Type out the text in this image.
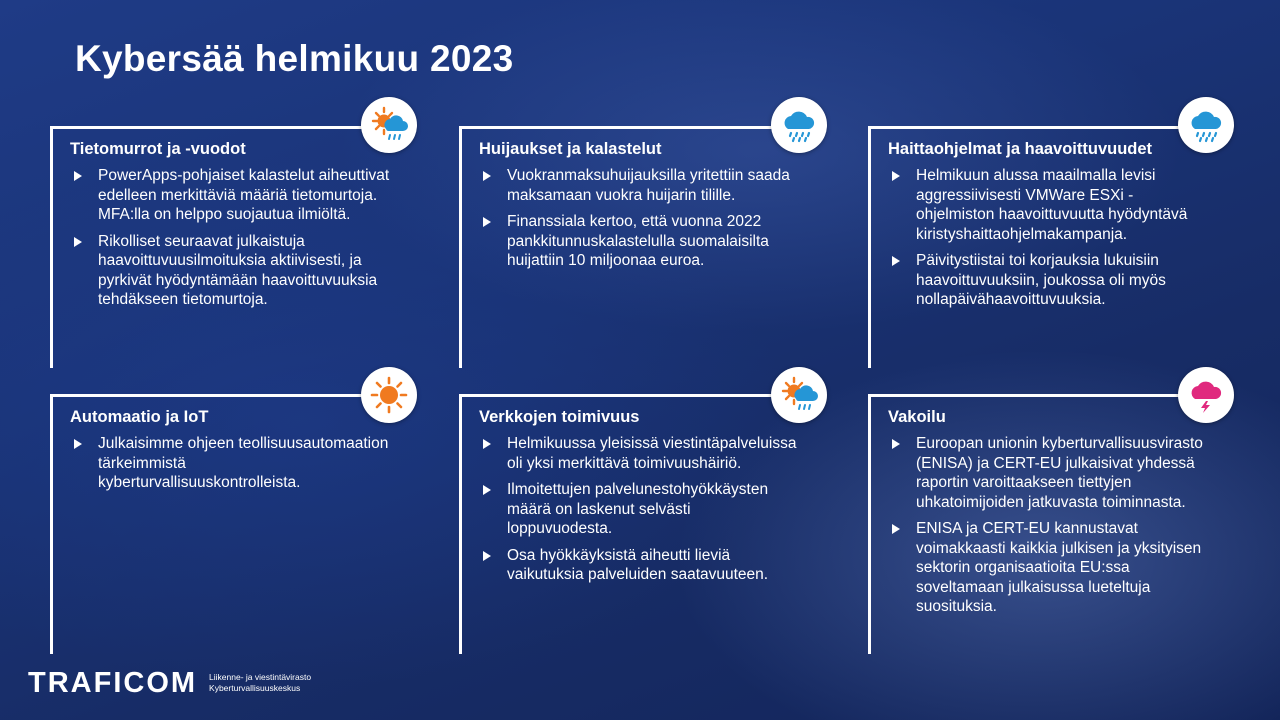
Kybersää helmikuu 2023
Tietomurrot ja -vuodot
PowerApps-pohjaiset kalastelut aiheuttivat edelleen merkittäviä määriä tietomurtoja. MFA:lla on helppo suojautua ilmiöltä.
Rikolliset seuraavat julkaistuja haavoittuvuusilmoituksia aktiivisesti, ja pyrkivät hyödyntämään haavoittuvuuksia tehdäkseen tietomurtoja.
Huijaukset ja kalastelut
Vuokranmaksuhuijauksilla yritettiin saada maksamaan vuokra huijarin tilille.
Finanssiala kertoo, että vuonna 2022 pankkitunnuskalastelulla suomalaisilta huijattiin 10 miljoonaa euroa.
Haittaohjelmat ja haavoittuvuudet
Helmikuun alussa maailmalla levisi aggressiivisesti VMWare ESXi -ohjelmiston haavoittuvuutta hyödyntävä kiristyshaittaohjelmakampanja.
Päivitystiistai toi korjauksia lukuisiin haavoittuvuuksiin, joukossa oli myös nollapäivähaavoittuvuuksia.
Automaatio ja IoT
Julkaisimme ohjeen teollisuusautomaation tärkeimmistä kyberturvallisuuskontrolleista.
Verkkojen toimivuus
Helmikuussa yleisissä viestintäpalveluissa oli yksi merkittävä toimivuushäiriö.
Ilmoitettujen palvelunestohyökkäysten määrä on laskenut selvästi loppuvuodesta.
Osa hyökkäyksistä aiheutti lieviä vaikutuksia palveluiden saatavuuteen.
Vakoilu
Euroopan unionin kyberturvallisuusvirasto (ENISA) ja CERT-EU julkaisivat yhdessä raportin varoittaakseen tiettyjen uhkatoimijoiden jatkuvasta toiminnasta.
ENISA ja CERT-EU kannustavat voimakkaasti kaikkia julkisen ja yksityisen sektorin organisaatioita EU:ssa soveltamaan julkaisussa lueteltuja suosituksia.
TRAFICOM Liikenne- ja viestintävirasto
Kyberturvallisuuskeskus
